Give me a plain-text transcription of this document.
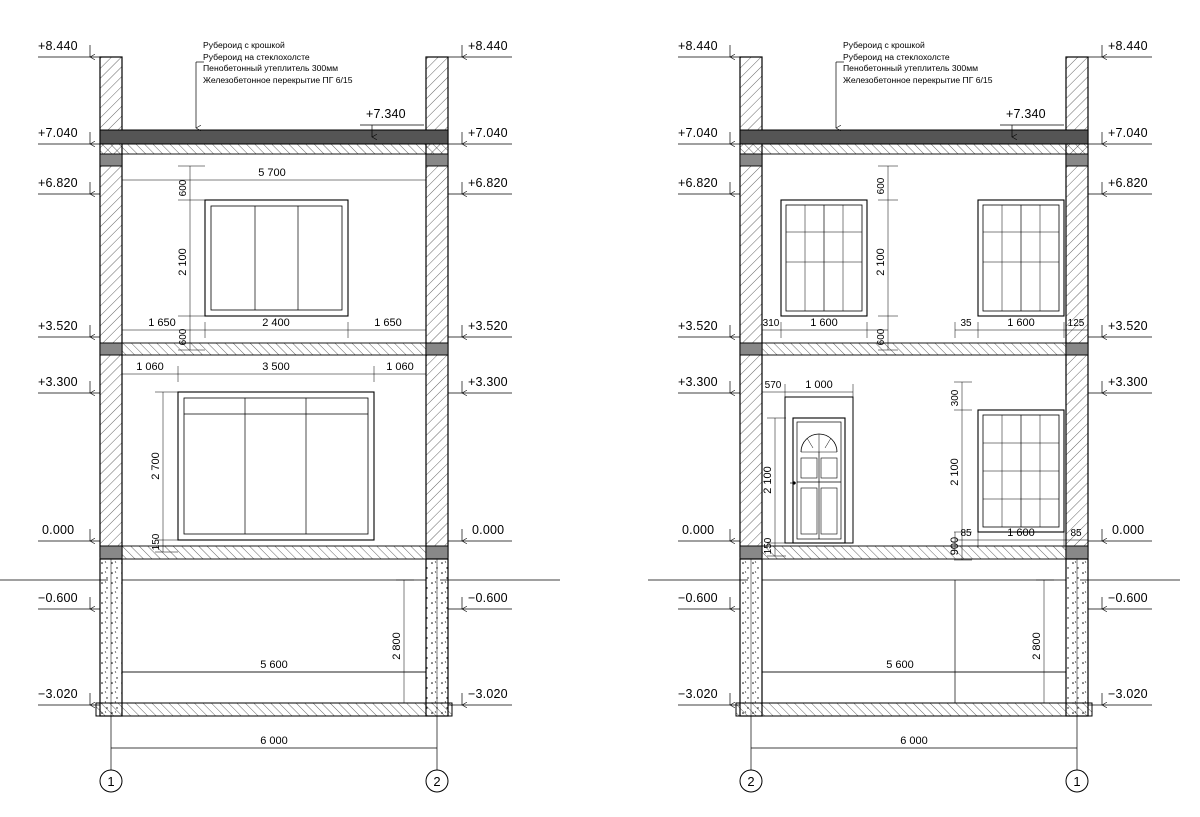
+8.440
+7.040
+6.820
+3.520
+3.300
0.000
−0.600
−3.020
+8.440
+7.040
+6.820
+3.520
+3.300
0.000
−0.600
−3.020
+7.340
600
2 100
600
5 700
1 650	2 400	1 650
1 060	3 500	1 060
2 700
150
2 800
5 600
6 000
1	2
Рубероид с крошкой
Рубероид на стеклохолсте
Пенобетонный утеплитель 300мм
Железобетонное перекрытие ПГ 6/15
+8.440
+7.040
+6.820
+3.520
+3.300
0.000
−0.600
−3.020
+8.440
+7.040
+6.820
+3.520
+3.300
0.000
−0.600
−3.020
+7.340
600
2 100
600
310	1 600	35	1 600	125
300
2 100
900
85	1 600	85
570 1 000
2 100
150
2 800
5 600
6 000
2	1
Рубероид с крошкой
Рубероид на стеклохолсте
Пенобетонный утеплитель 300мм
Железобетонное перекрытие ПГ 6/15
